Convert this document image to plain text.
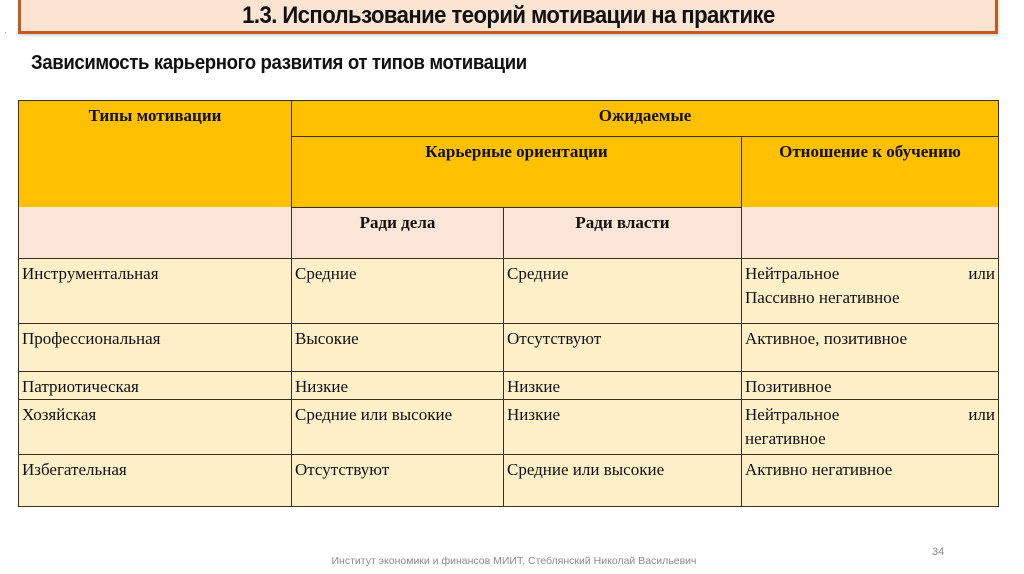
1.3. Использование теорий мотивации на практике
Зависимость карьерного развития от типов мотивации
Типы мотивации	Ожидаемые		
	Карьерные ориентации		Отношение к обучению

	Ради дела	Ради власти	
Инструментальная	Средние	Средние	Нейтральное или
Пассивно негативное

Профессиональная	Высокие	Отсутствуют	Активное, позитивное
Патриотическая	Низкие	Низкие	Позитивное
Хозяйская	Средние или высокие	Низкие	Нейтральное или
негативное

Избегательная	Отсутствуют	Средние или высокие	Активно негативное
34
Институт экономики и финансов МИИТ, Стеблянский Николай Васильевич
